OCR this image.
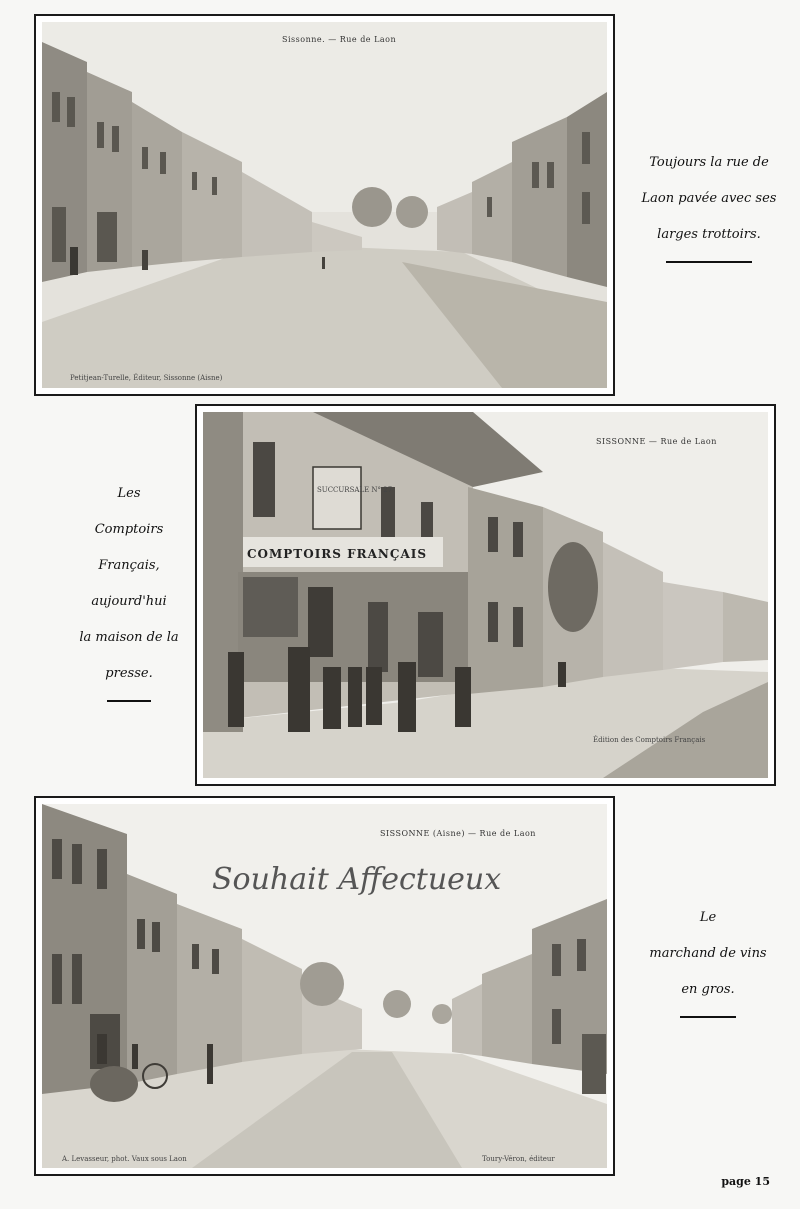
Sissonne. — Rue de Laon
Petitjean-Turelle, Éditeur, Sissonne (Aisne)

Toujours la rue de

Laon pavée avec ses

larges trottoirs.

SUCCURSALE N° 27
COMPTOIRS FRANÇAIS
SISSONNE — Rue de Laon
Édition des Comptoirs Français

Les

Comptoirs

Français,

aujourd'hui

la maison de la

presse.

Souhait Affectueux
SISSONNE (Aisne) — Rue de Laon
A. Levasseur, phot. Vaux sous Laon	Toury-Véron, éditeur

Le

marchand de vins

en gros.

page 15
